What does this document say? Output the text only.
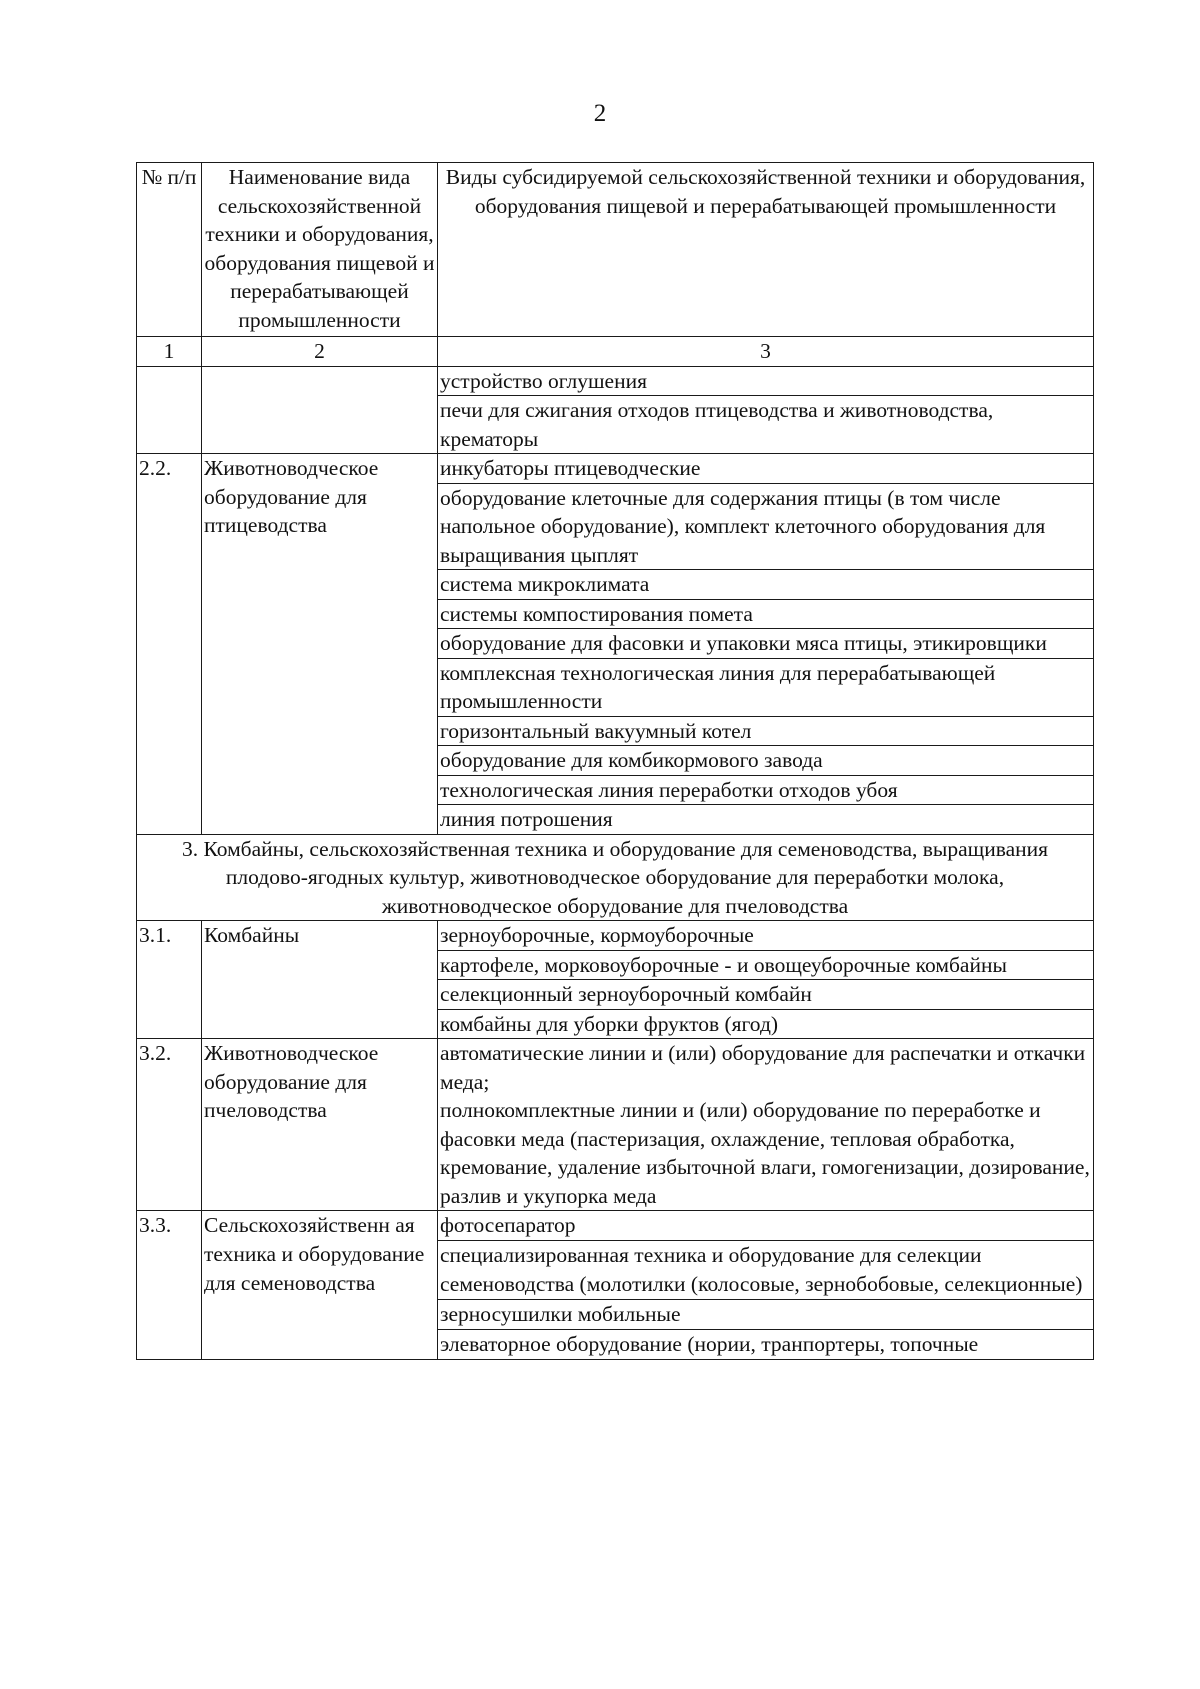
2
№ п/п	Наименование вида сельскохозяйственной техники и оборудования, оборудования пищевой и перерабатывающей промышленности	Виды субсидируемой сельскохозяйственной техники и оборудования, оборудования пищевой и перерабатывающей промышленности
1	2	3
		устройство оглушения
		печи для сжигания отходов птицеводства и животноводства, крематоры
2.2.	Животноводческое оборудование для птицеводства	инкубаторы птицеводческие
		оборудование клеточные для содержания птицы (в том числе напольное оборудование), комплект клеточного оборудования для выращивания цыплят
		система микроклимата
		системы компостирования помета
		оборудование для фасовки и упаковки мяса птицы, этикировщики
		комплексная технологическая линия для перерабатывающей промышленности
		горизонтальный вакуумный котел
		оборудование для комбикормового завода
		технологическая линия переработки отходов убоя
		линия потрошения
3. Комбайны, сельскохозяйственная техника и оборудование для семеноводства, выращивания плодово-ягодных культур, животноводческое оборудование для переработки молока, животноводческое оборудование для пчеловодства		
3.1.	Комбайны	зерноуборочные, кормоуборочные
		картофеле, морковоуборочные - и овощеуборочные комбайны
		селекционный зерноуборочный комбайн
		комбайны для уборки фруктов (ягод)
3.2.	Животноводческое оборудование для пчеловодства	автоматические линии и (или) оборудование для распечатки и откачки меда;
полнокомплектные линии и (или) оборудование по переработке и фасовки меда (пастеризация, охлаждение, тепловая обработка, кремование, удаление избыточной влаги, гомогенизации, дозирование, разлив и укупорка меда

3.3.	Сельскохозяйственн ая техника и оборудование для семеноводства	фотосепаратор
		специализированная техника и оборудование для селекции семеноводства (молотилки (колосовые, зернобобовые, селекционные)
		зерносушилки мобильные
		элеваторное оборудование (нории, транпортеры, топочные
